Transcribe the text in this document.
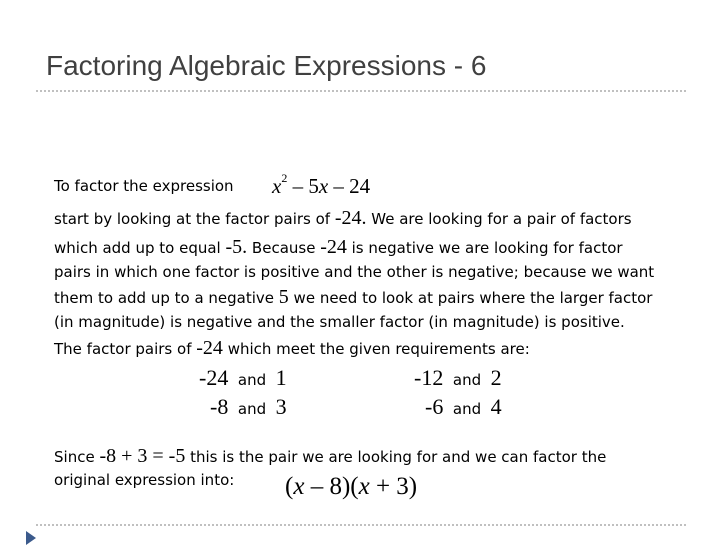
Factoring Algebraic Expressions - 6
To factor the expression $x^2 - 5x - 24$
start by looking at the factor pairs of -24. We are looking for a pair of factors
which add up to equal -5. Because -24 is negative we are looking for factor
pairs in which one factor is positive and the other is negative; because we want
them to add up to a negative 5 we need to look at pairs where the larger factor
(in magnitude) is negative and the smaller factor (in magnitude) is positive.
The factor pairs of -24 which meet the given requirements are:
-24 and 1	-12 and 2
-8 and 3	-6 and 4
Since -8 + 3 = -5 this is the pair we are looking for and we can factor the
original expression into: (x – 8)(x + 3)
